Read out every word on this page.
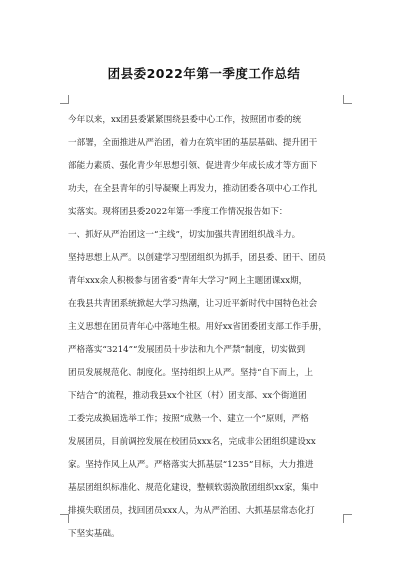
团县委2022年第一季度工作总结
今年以来，xx团县委紧紧围绕县委中心工作，按照团市委的统
一部署，全面推进从严治团，着力在筑牢团的基层基础、提升团干
部能力素质、强化青少年思想引领、促进青少年成长成才等方面下
功夫，在全县青年的引导凝聚上再发力，推动团委各项中心工作扎
实落实。现将团县委2022年第一季度工作情况报告如下：
一、抓好从严治团这一“主线”，切实加强共青团组织战斗力。
坚持思想上从严。以创建学习型团组织为抓手，团县委、团干、团员
青年xxx余人积极参与团省委“青年大学习”网上主题团课xx期，
在我县共青团系统掀起大学习热潮，让习近平新时代中国特色社会
主义思想在团员青年心中落地生根。用好xx省团委团支部工作手册，
严格落实“3214”“发展团员十步法和九个严禁”制度，切实做到
团员发展规范化、制度化。坚持组织上从严。坚持“自下而上，上
下结合”的流程，推动我县xx个社区（村）团支部、xx个街道团
工委完成换届选举工作；按照“成熟一个、建立一个”原则，严格
发展团员，目前调控发展在校团员xxx名，完成非公团组织建设xx
家。坚持作风上从严。严格落实大抓基层“1235”目标，大力推进
基层团组织标准化、规范化建设，整顿软弱涣散团组织xx家，集中
排摸失联团员，找回团员xxx人，为从严治团、大抓基层常态化打
下坚实基础。
